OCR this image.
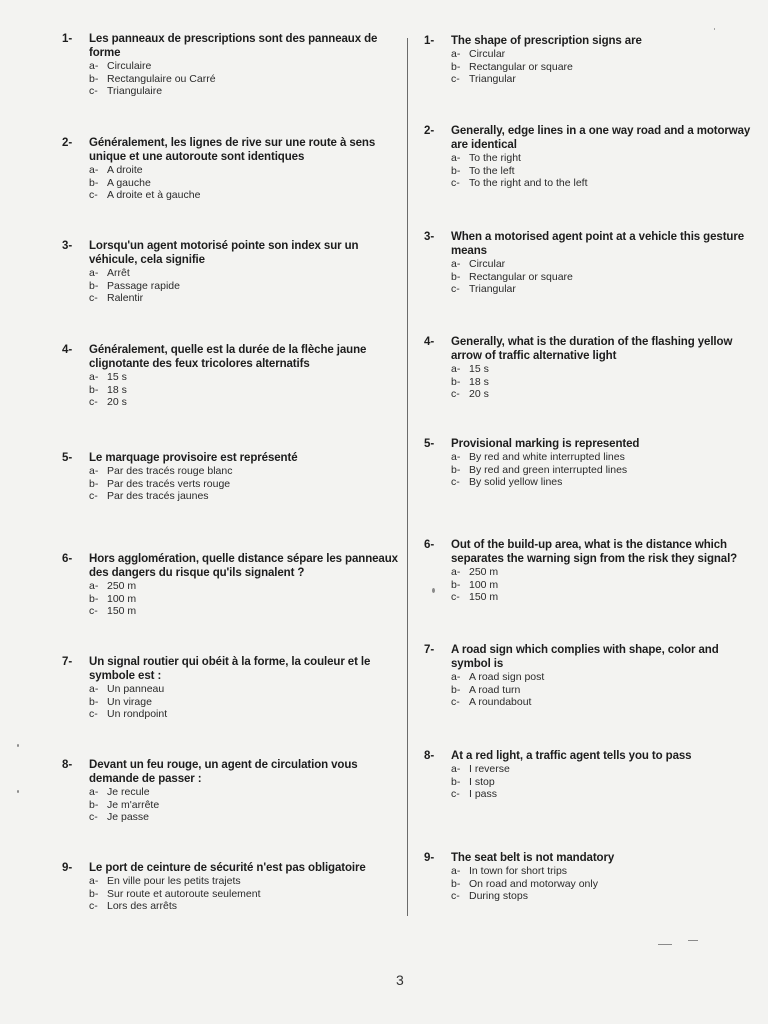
1-	Les panneaux de prescriptions sont des panneaux de forme
a- Circulaire
b- Rectangulaire ou Carré
c- Triangulaire
2-	Généralement, les lignes de rive sur une route à sens unique et une autoroute sont identiques
a- A droite
b- A gauche
c- A droite et à gauche
3-	Lorsqu'un agent motorisé pointe son index sur un véhicule, cela signifie
a- Arrêt
b- Passage rapide
c- Ralentir
4-	Généralement, quelle est la durée de la flèche jaune clignotante des feux tricolores alternatifs
a- 15 s
b- 18 s
c- 20 s
5-	Le marquage provisoire est représenté
a- Par des tracés rouge blanc
b- Par des tracés verts rouge
c- Par des tracés jaunes
6-	Hors agglomération, quelle distance sépare les panneaux des dangers du risque qu'ils signalent ?
a- 250 m
b- 100 m
c- 150 m
7-	Un signal routier qui obéit à la forme, la couleur et le symbole est :
a- Un panneau
b- Un virage
c- Un rondpoint
8-	Devant un feu rouge, un agent de circulation vous demande de passer :
a- Je recule
b- Je m'arrête
c- Je passe
9-	Le port de ceinture de sécurité n'est pas obligatoire
a- En ville pour les petits trajets
b- Sur route et autoroute seulement
c- Lors des arrêts
1-	The shape of prescription signs are
a- Circular
b- Rectangular or square
c- Triangular
2-	Generally, edge lines in a one way road and a motorway are identical
a- To the right
b- To the left
c- To the right and to the left
3-	When a motorised agent point at a vehicle this gesture means
a- Circular
b- Rectangular or square
c- Triangular
4-	Generally, what is the duration of the flashing yellow arrow of traffic alternative light
a- 15 s
b- 18 s
c- 20 s
5-	Provisional marking is represented
a- By red and white interrupted lines
b- By red and green interrupted lines
c- By solid yellow lines
6-	Out of the build-up area, what is the distance which separates the warning sign from the risk they signal?
a- 250 m
b- 100 m
c- 150 m
7-	A road sign which complies with shape, color and symbol is
a- A road sign post
b- A road turn
c- A roundabout
8-	At a red light, a traffic agent tells you to pass
a- I reverse
b- I stop
c- I pass
9-	The seat belt is not mandatory
a- In town for short trips
b- On road and motorway only
c- During stops
3
